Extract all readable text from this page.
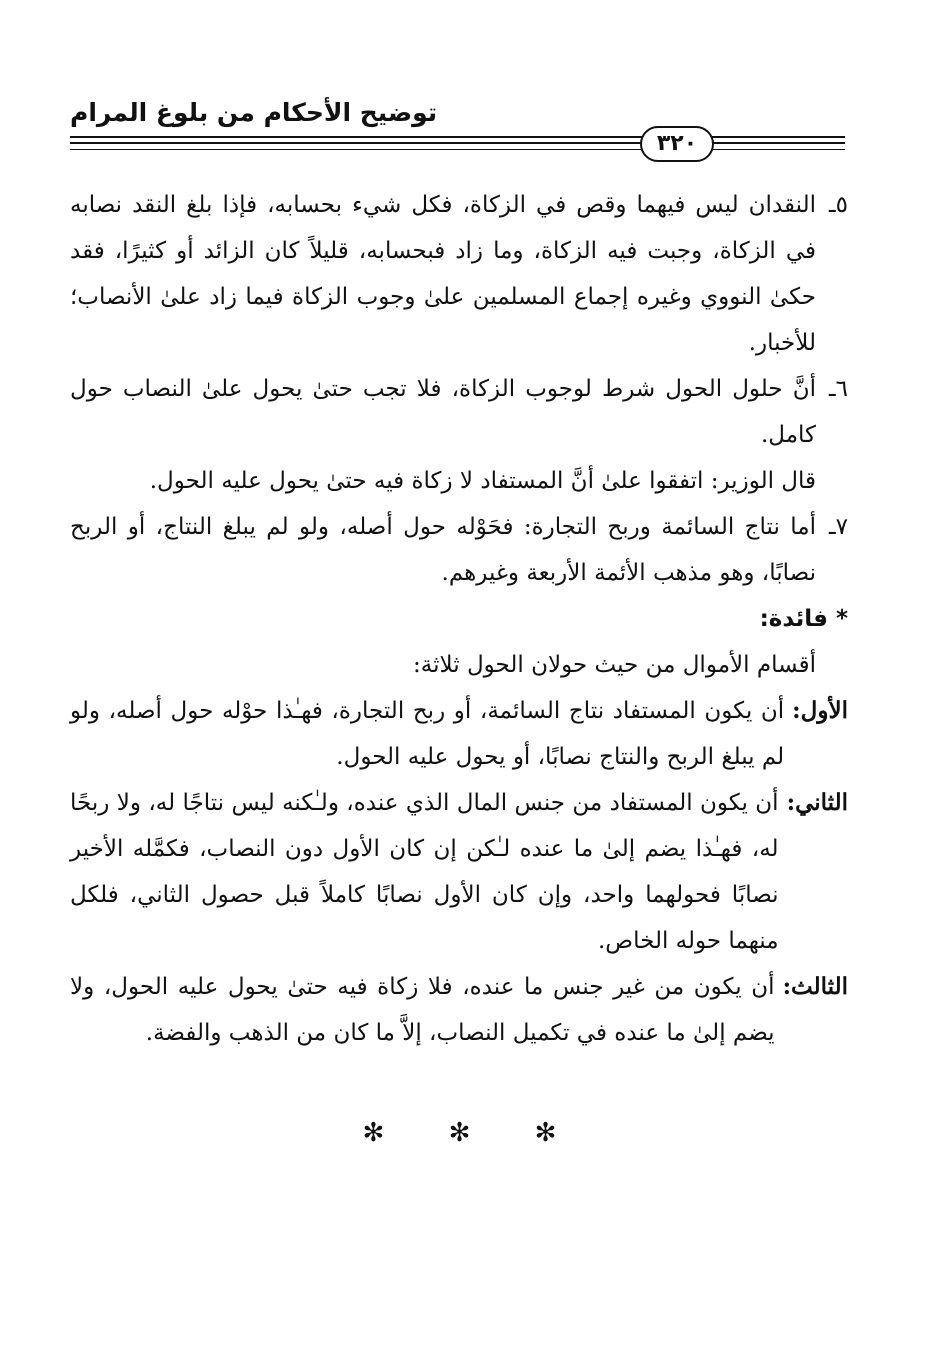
توضيح الأحكام من بلوغ المرام
٣٢٠
٥ـ
النقدان ليس فيهما وقص في الزكاة، فكل شيء بحسابه، فإذا بلغ النقد نصابه في الزكاة، وجبت فيه الزكاة، وما زاد فبحسابه، قليلاً كان الزائد أو كثيرًا، فقد حكىٰ النووي وغيره إجماع المسلمين علىٰ وجوب الزكاة فيما زاد علىٰ الأنصاب؛ للأخبار.
٦ـ
أنَّ حلول الحول شرط لوجوب الزكاة، فلا تجب حتىٰ يحول علىٰ النصاب حول كامل.
قال الوزير: اتفقوا علىٰ أنَّ المستفاد لا زكاة فيه حتىٰ يحول عليه الحول.
٧ـ
أما نتاج السائمة وربح التجارة: فحَوْله حول أصله، ولو لم يبلغ النتاج، أو الربح نصابًا، وهو مذهب الأئمة الأربعة وغيرهم.
* فائدة:
أقسام الأموال من حيث حولان الحول ثلاثة:
الأول:
أن يكون المستفاد نتاج السائمة، أو ربح التجارة، فهـٰذا حوْله حول أصله، ولو لم يبلغ الربح والنتاج نصابًا، أو يحول عليه الحول.
الثاني:
أن يكون المستفاد من جنس المال الذي عنده، ولـٰكنه ليس نتاجًا له، ولا ربحًا له، فهـٰذا يضم إلىٰ ما عنده لـٰكن إن كان الأول دون النصاب، فكمَّله الأخير نصابًا فحولهما واحد، وإن كان الأول نصابًا كاملاً قبل حصول الثاني، فلكل منهما حوله الخاص.
الثالث:
أن يكون من غير جنس ما عنده، فلا زكاة فيه حتىٰ يحول عليه الحول، ولا يضم إلىٰ ما عنده في تكميل النصاب، إلاَّ ما كان من الذهب والفضة.
✻ ✻ ✻
